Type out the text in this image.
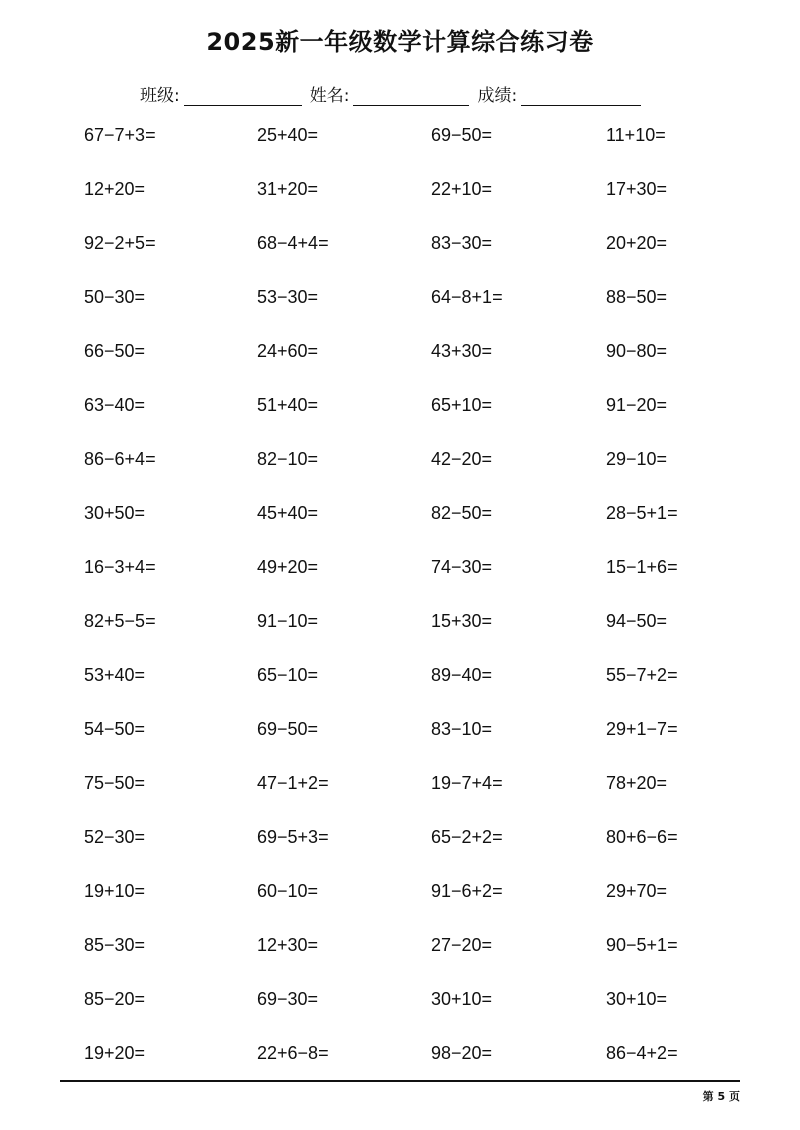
2025新一年级数学计算综合练习卷
班级:	姓名:	成绩:
67−7+3=	25+40=	69−50=	11+10=
12+20=	31+20=	22+10=	17+30=
92−2+5=	68−4+4=	83−30=	20+20=
50−30=	53−30=	64−8+1=	88−50=
66−50=	24+60=	43+30=	90−80=
63−40=	51+40=	65+10=	91−20=
86−6+4=	82−10=	42−20=	29−10=
30+50=	45+40=	82−50=	28−5+1=
16−3+4=	49+20=	74−30=	15−1+6=
82+5−5=	91−10=	15+30=	94−50=
53+40=	65−10=	89−40=	55−7+2=
54−50=	69−50=	83−10=	29+1−7=
75−50=	47−1+2=	19−7+4=	78+20=
52−30=	69−5+3=	65−2+2=	80+6−6=
19+10=	60−10=	91−6+2=	29+70=
85−30=	12+30=	27−20=	90−5+1=
85−20=	69−30=	30+10=	30+10=
19+20=	22+6−8=	98−20=	86−4+2=
第 5 页
